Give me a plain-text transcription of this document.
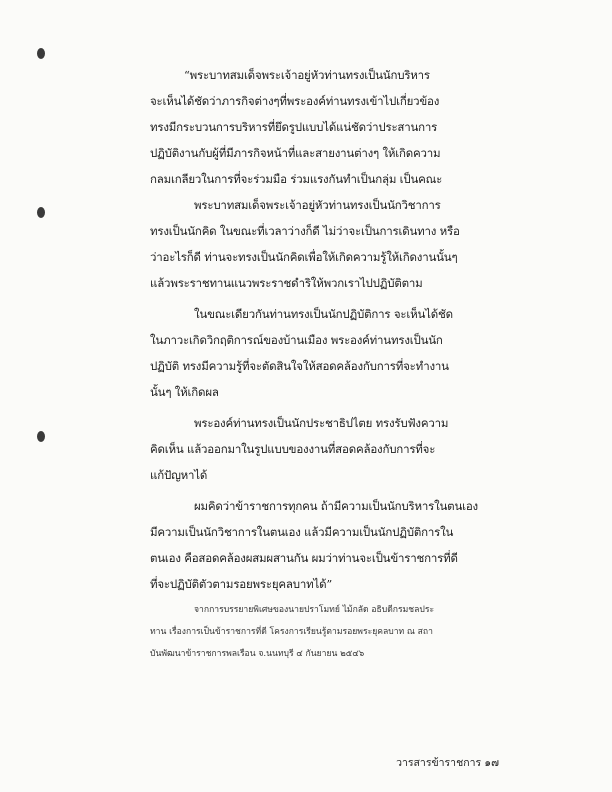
“พระบาทสมเด็จพระเจ้าอยู่หัวท่านทรงเป็นนักบริหาร
จะเห็นได้ชัดว่าภารกิจต่างๆที่พระองค์ท่านทรงเข้าไปเกี่ยวข้อง
ทรงมีกระบวนการบริหารที่ยึดรูปแบบได้แน่ชัดว่าประสานการ
ปฏิบัติงานกับผู้ที่มีภารกิจหน้าที่และสายงานต่างๆ ให้เกิดความ
กลมเกลียวในการที่จะร่วมมือ ร่วมแรงกันทำเป็นกลุ่ม เป็นคณะ
พระบาทสมเด็จพระเจ้าอยู่หัวท่านทรงเป็นนักวิชาการ
ทรงเป็นนักคิด ในขณะที่เวลาว่างก็ดี ไม่ว่าจะเป็นการเดินทาง หรือ
ว่าอะไรก็ดี ท่านจะทรงเป็นนักคิดเพื่อให้เกิดความรู้ให้เกิดงานนั้นๆ
แล้วพระราชทานแนวพระราชดำริให้พวกเราไปปฏิบัติตาม
ในขณะเดียวกันท่านทรงเป็นนักปฏิบัติการ จะเห็นได้ชัด
ในภาวะเกิดวิกฤติการณ์ของบ้านเมือง พระองค์ท่านทรงเป็นนัก
ปฏิบัติ ทรงมีความรู้ที่จะตัดสินใจให้สอดคล้องกับการที่จะทำงาน
นั้นๆ ให้เกิดผล
พระองค์ท่านทรงเป็นนักประชาธิปไตย ทรงรับฟังความ
คิดเห็น แล้วออกมาในรูปแบบของงานที่สอดคล้องกับการที่จะ
แก้ปัญหาได้
ผมคิดว่าข้าราชการทุกคน ถ้ามีความเป็นนักบริหารในตนเอง
มีความเป็นนักวิชาการในตนเอง แล้วมีความเป็นนักปฏิบัติการใน
ตนเอง คือสอดคล้องผสมผสานกัน ผมว่าท่านจะเป็นข้าราชการที่ดี
ที่จะปฏิบัติตัวตามรอยพระยุคลบาทได้”
จากการบรรยายพิเศษของนายปราโมทย์ ไม้กลัด อธิบดีกรมชลประ
ทาน เรื่องการเป็นข้าราชการที่ดี โครงการเรียนรู้ตามรอยพระยุคลบาท ณ สถา
บันพัฒนาข้าราชการพลเรือน จ.นนทบุรี ๔ กันยายน ๒๕๔๖
วารสารข้าราชการ ๑๗
